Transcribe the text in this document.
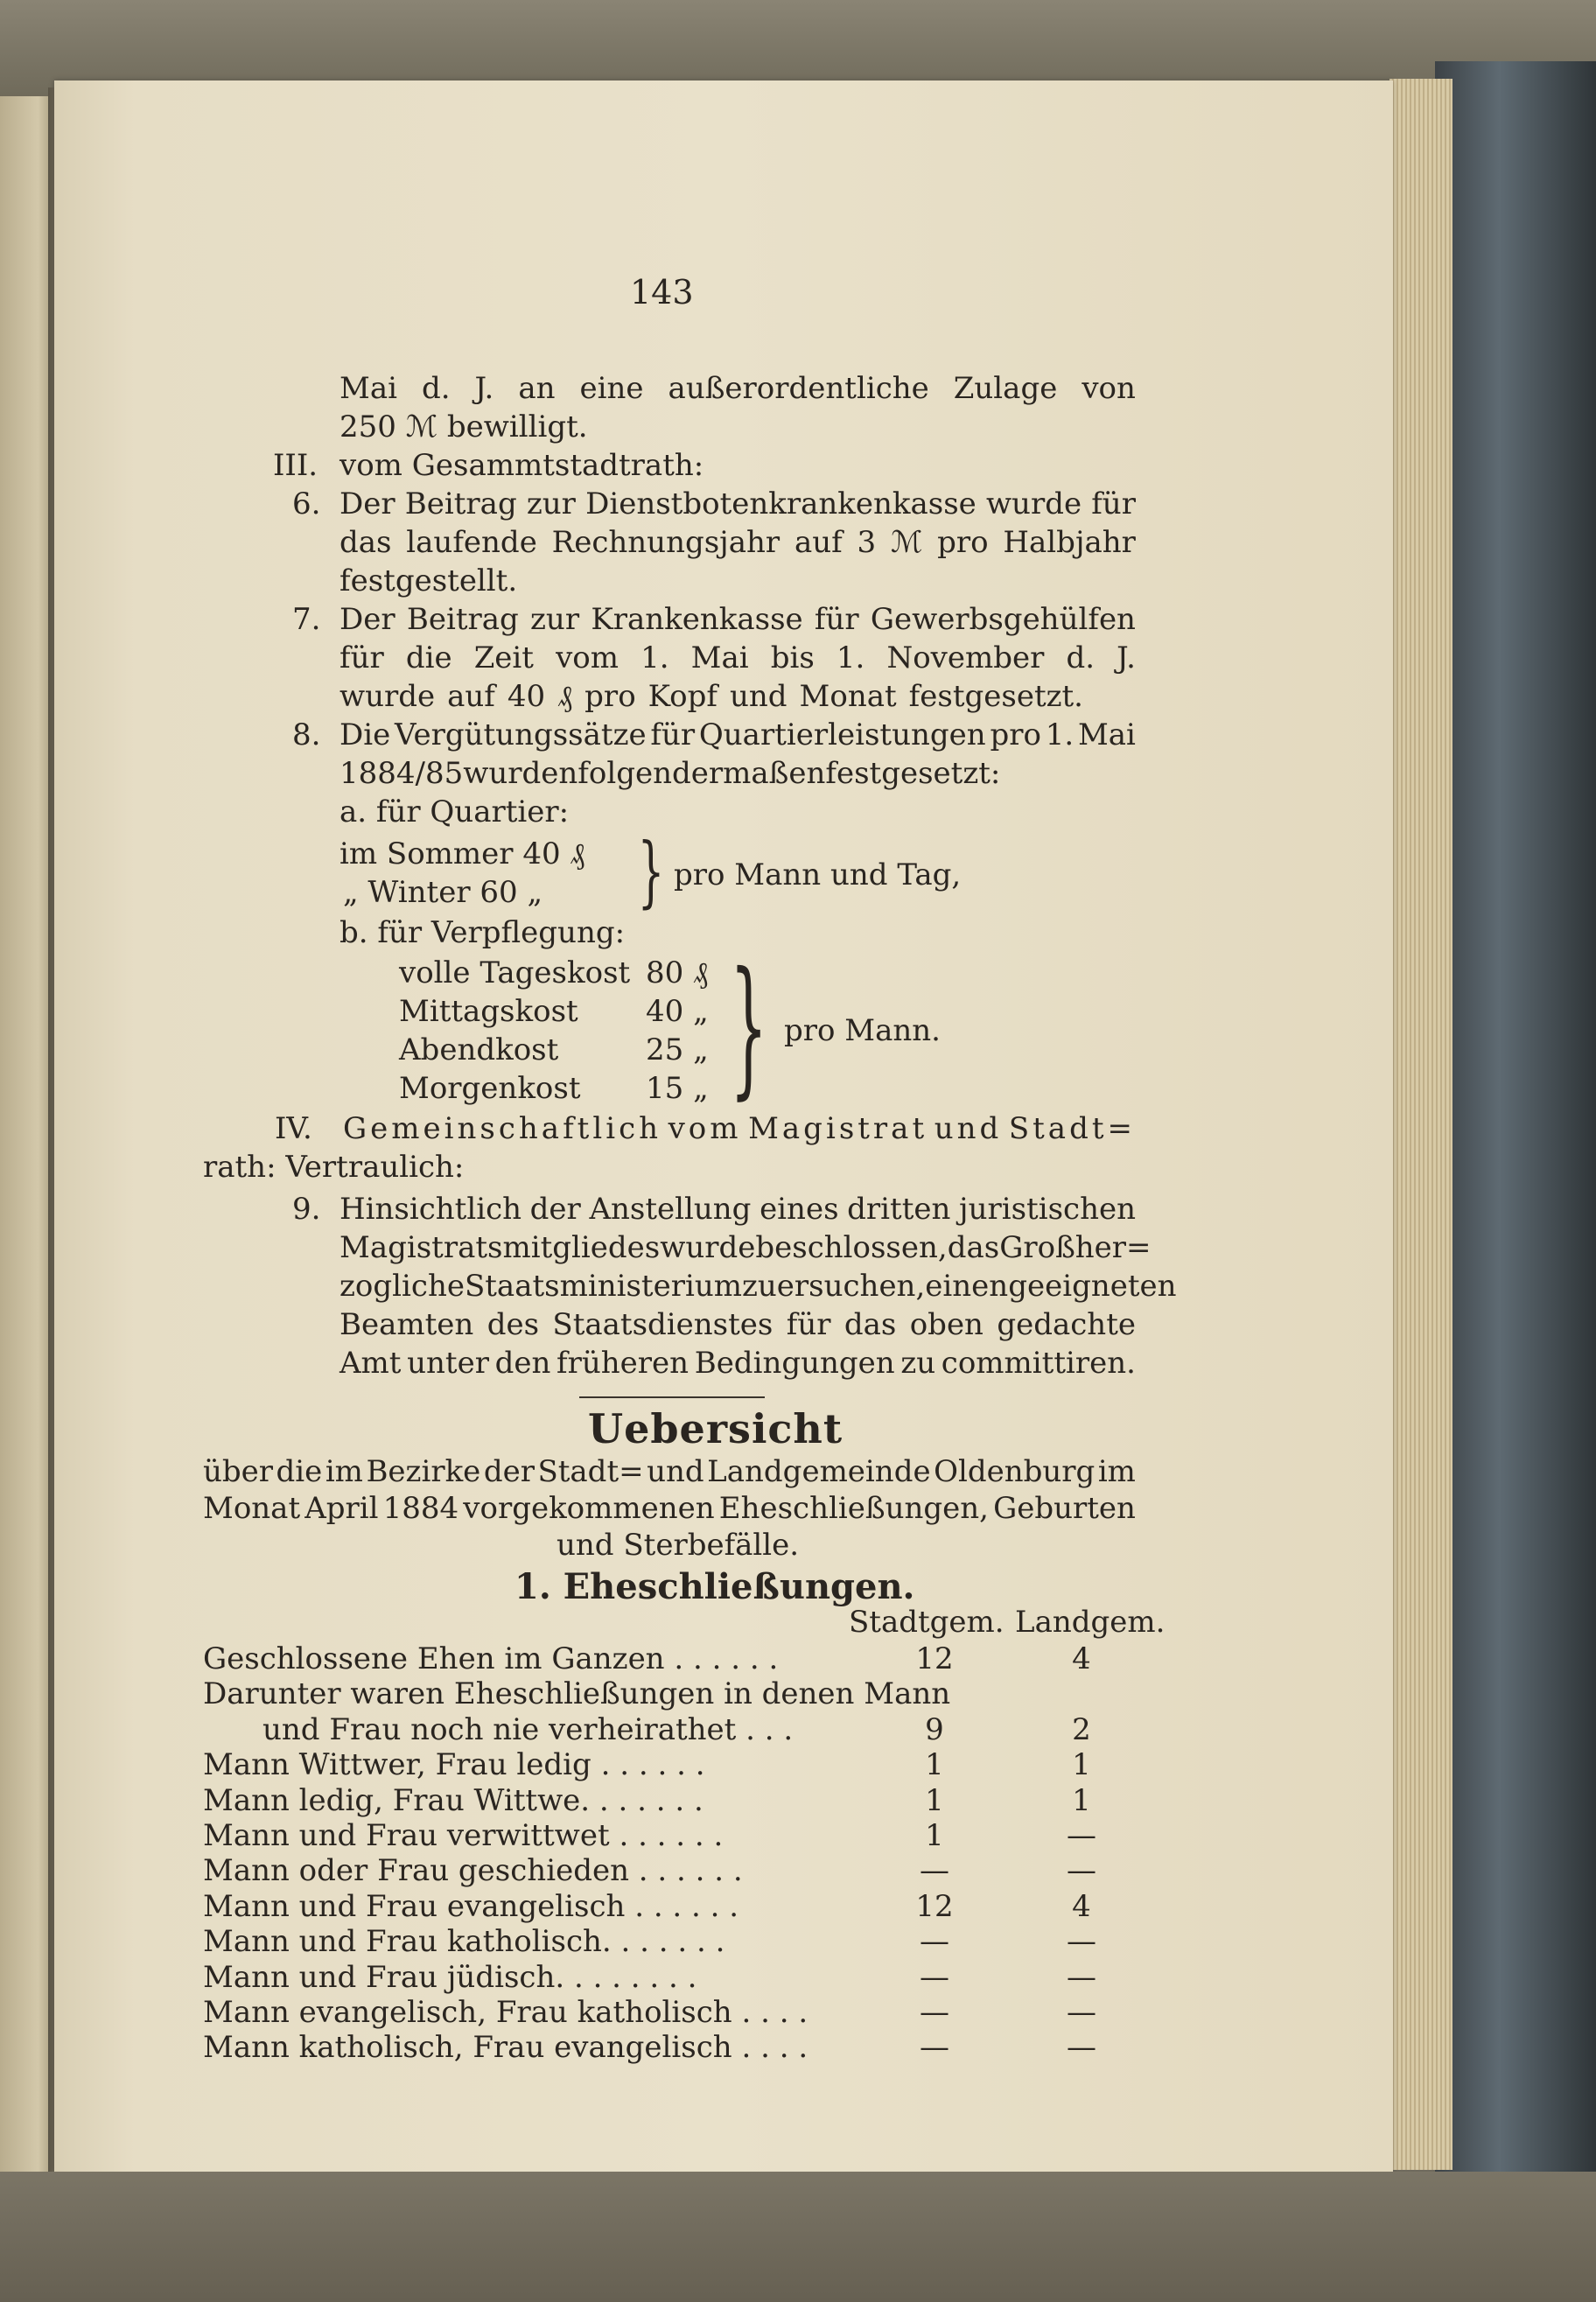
143
Mai d. J. an eine außerordentliche Zulage von
250 ℳ bewilligt.
III. vom Gesammtstadtrath:
6. Der Beitrag zur Dienstbotenkrankenkasse wurde für
das laufende Rechnungsjahr auf 3 ℳ pro Halbjahr
festgestellt.
7. Der Beitrag zur Krankenkasse für Gewerbsgehülfen
für die Zeit vom 1. Mai bis 1. November d. J.
wurde auf 40 ₰ pro Kopf und Monat festgesetzt.
8. Die Vergütungssätze für Quartierleistungen pro 1. Mai
1884/85 wurden folgendermaßen festgesetzt:
a. für Quartier:
im Sommer 40 ₰
„ Winter 60 „ } pro Mann und Tag,
b. für Verpflegung:
volle Tageskost 80 ₰
Mittagskost 40 „
Abendkost	25 „
Morgenkost 15 „ } pro Mann.
IV. Gemeinschaftlich vom Magistrat und Stadt=
rath: Vertraulich:
9. Hinsichtlich der Anstellung eines dritten juristischen
Magistratsmitgliedes wurde beschlossen, das Großher=
zogliche Staatsministerium zu ersuchen, einen geeigneten
Beamten des Staatsdienstes für das oben gedachte
Amt unter den früheren Bedingungen zu committiren.
Uebersicht
über die im Bezirke der Stadt= und Landgemeinde Oldenburg im
Monat April 1884 vorgekommenen Eheschließungen, Geburten
und Sterbefälle.
1. Eheschließungen.
Stadtgem. Landgem.
Geschlossene Ehen im Ganzen . . . . . .	12	4
Darunter waren Eheschließungen in denen Mann
und Frau noch nie verheirathet . . .	9	2
Mann Wittwer, Frau ledig . . . . . .	1	1
Mann ledig, Frau Wittwe. . . . . . .	1	1
Mann und Frau verwittwet . . . . . .	1	—
Mann oder Frau geschieden . . . . . .	—	—
Mann und Frau evangelisch . . . . . .	12	4
Mann und Frau katholisch. . . . . . .	—	—
Mann und Frau jüdisch. . . . . . . .	—	—
Mann evangelisch, Frau katholisch . . . .	—	—
Mann katholisch, Frau evangelisch . . . .	—	—
